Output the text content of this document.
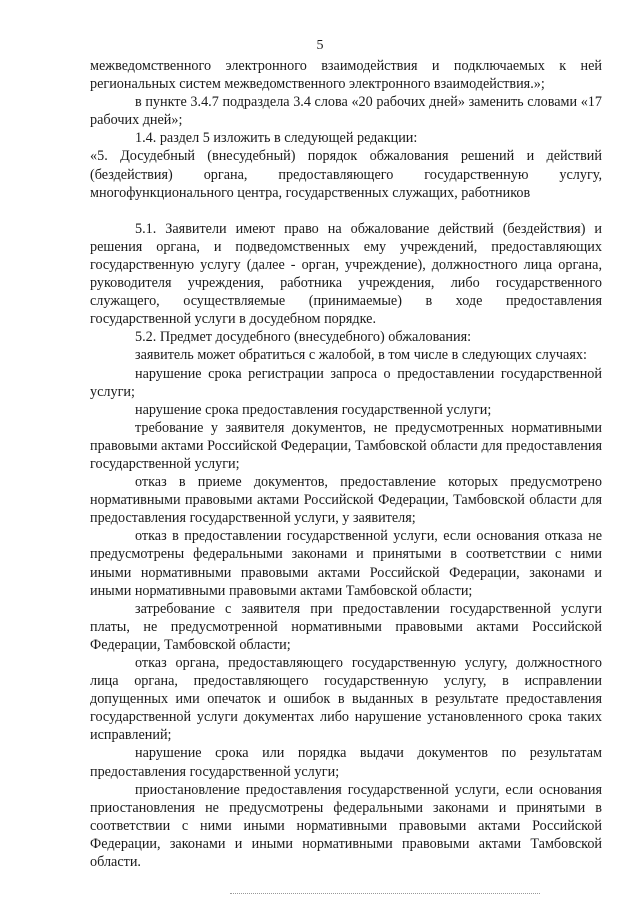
5

межведомственного электронного взаимодействия и подключаемых к ней региональных систем межведомственного электронного взаимодействия.»;

в пункте 3.4.7 подраздела 3.4 слова «20 рабочих дней» заменить словами «17 рабочих дней»;

1.4. раздел 5 изложить в следующей редакции:

«5. Досудебный (внесудебный) порядок обжалования решений и действий (бездействия) органа, предоставляющего государственную услугу, многофункционального центра, государственных служащих, работников

5.1. Заявители имеют право на обжалование действий (бездействия) и решения органа, и подведомственных ему учреждений, предоставляющих государственную услугу (далее - орган, учреждение), должностного лица органа, руководителя учреждения, работника учреждения, либо государственного служащего, осуществляемые (принимаемые) в ходе предоставления государственной услуги в досудебном порядке.

5.2. Предмет досудебного (внесудебного) обжалования:

заявитель может обратиться с жалобой, в том числе в следующих случаях:

нарушение срока регистрации запроса о предоставлении государственной услуги;

нарушение срока предоставления государственной услуги;

требование у заявителя документов, не предусмотренных нормативными правовыми актами Российской Федерации, Тамбовской области для предоставления государственной услуги;

отказ в приеме документов, предоставление которых предусмотрено нормативными правовыми актами Российской Федерации, Тамбовской области для предоставления государственной услуги, у заявителя;

отказ в предоставлении государственной услуги, если основания отказа не предусмотрены федеральными законами и принятыми в соответствии с ними иными нормативными правовыми актами Российской Федерации, законами и иными нормативными правовыми актами Тамбовской области;

затребование с заявителя при предоставлении государственной услуги платы, не предусмотренной нормативными правовыми актами Российской Федерации, Тамбовской области;

отказ органа, предоставляющего государственную услугу, должностного лица органа, предоставляющего государственную услугу, в исправлении допущенных ими опечаток и ошибок в выданных в результате предоставления государственной услуги документах либо нарушение установленного срока таких исправлений;

нарушение срока или порядка выдачи документов по результатам предоставления государственной услуги;

приостановление предоставления государственной услуги, если основания приостановления не предусмотрены федеральными законами и принятыми в соответствии с ними иными нормативными правовыми актами Российской Федерации, законами и иными нормативными правовыми актами Тамбовской области.
